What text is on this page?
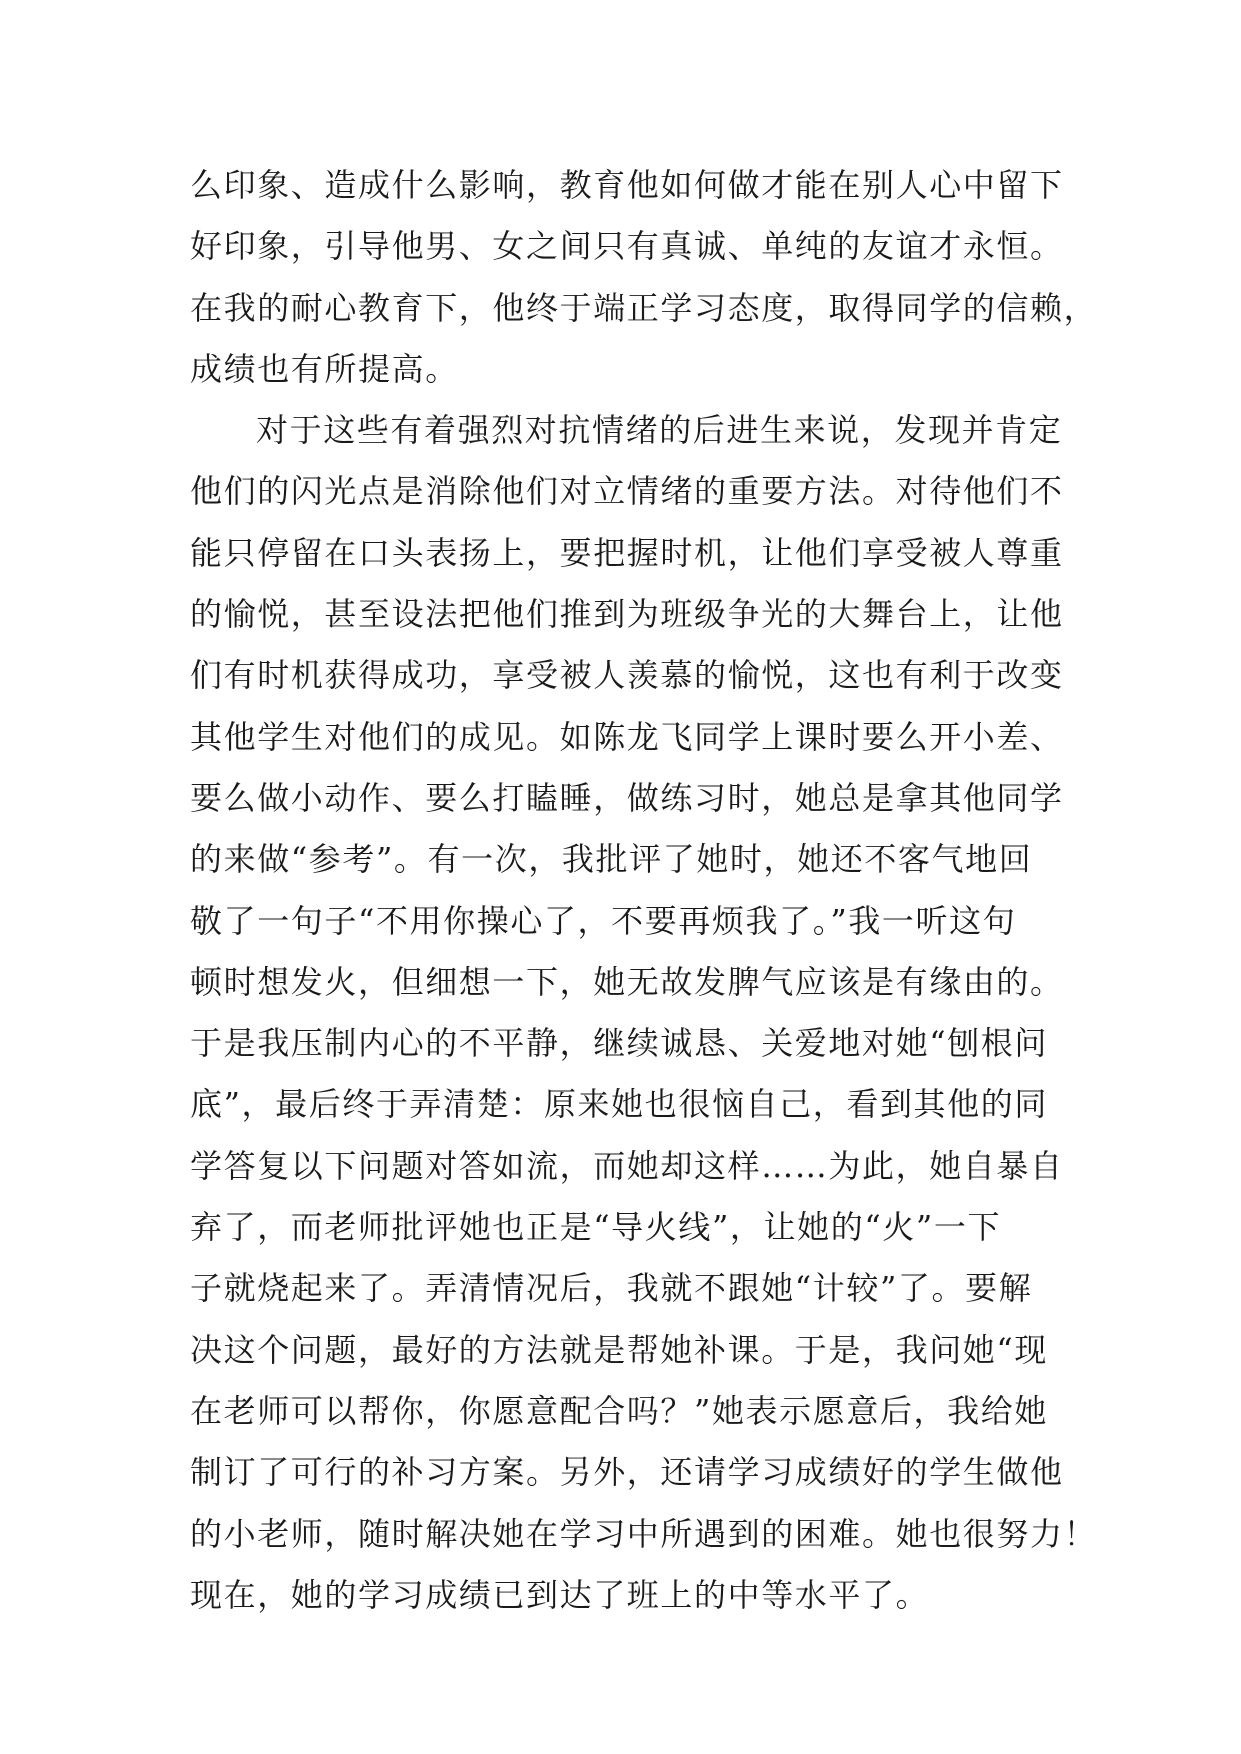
么印象、造成什么影响，教育他如何做才能在别人心中留下
好印象，引导他男、女之间只有真诚、单纯的友谊才永恒。
在我的耐心教育下，他终于端正学习态度，取得同学的信赖，
成绩也有所提高。
对于这些有着强烈对抗情绪的后进生来说，发现并肯定
他们的闪光点是消除他们对立情绪的重要方法。对待他们不
能只停留在口头表扬上，要把握时机，让他们享受被人尊重
的愉悦，甚至设法把他们推到为班级争光的大舞台上，让他
们有时机获得成功，享受被人羡慕的愉悦，这也有利于改变
其他学生对他们的成见。如陈龙飞同学上课时要么开小差、
要么做小动作、要么打瞌睡，做练习时，她总是拿其他同学
的来做“参考”。有一次，我批评了她时，她还不客气地回
敬了一句子“不用你操心了，不要再烦我了。”我一听这句
顿时想发火，但细想一下，她无故发脾气应该是有缘由的。
于是我压制内心的不平静，继续诚恳、关爱地对她“刨根问
底”，最后终于弄清楚：原来她也很恼自己，看到其他的同
学答复以下问题对答如流，而她却这样……为此，她自暴自
弃了，而老师批评她也正是“导火线”，让她的“火”一下
子就烧起来了。弄清情况后，我就不跟她“计较”了。要解
决这个问题，最好的方法就是帮她补课。于是，我问她“现
在老师可以帮你，你愿意配合吗？”她表示愿意后，我给她
制订了可行的补习方案。另外，还请学习成绩好的学生做他
的小老师，随时解决她在学习中所遇到的困难。她也很努力！
现在，她的学习成绩已到达了班上的中等水平了。
